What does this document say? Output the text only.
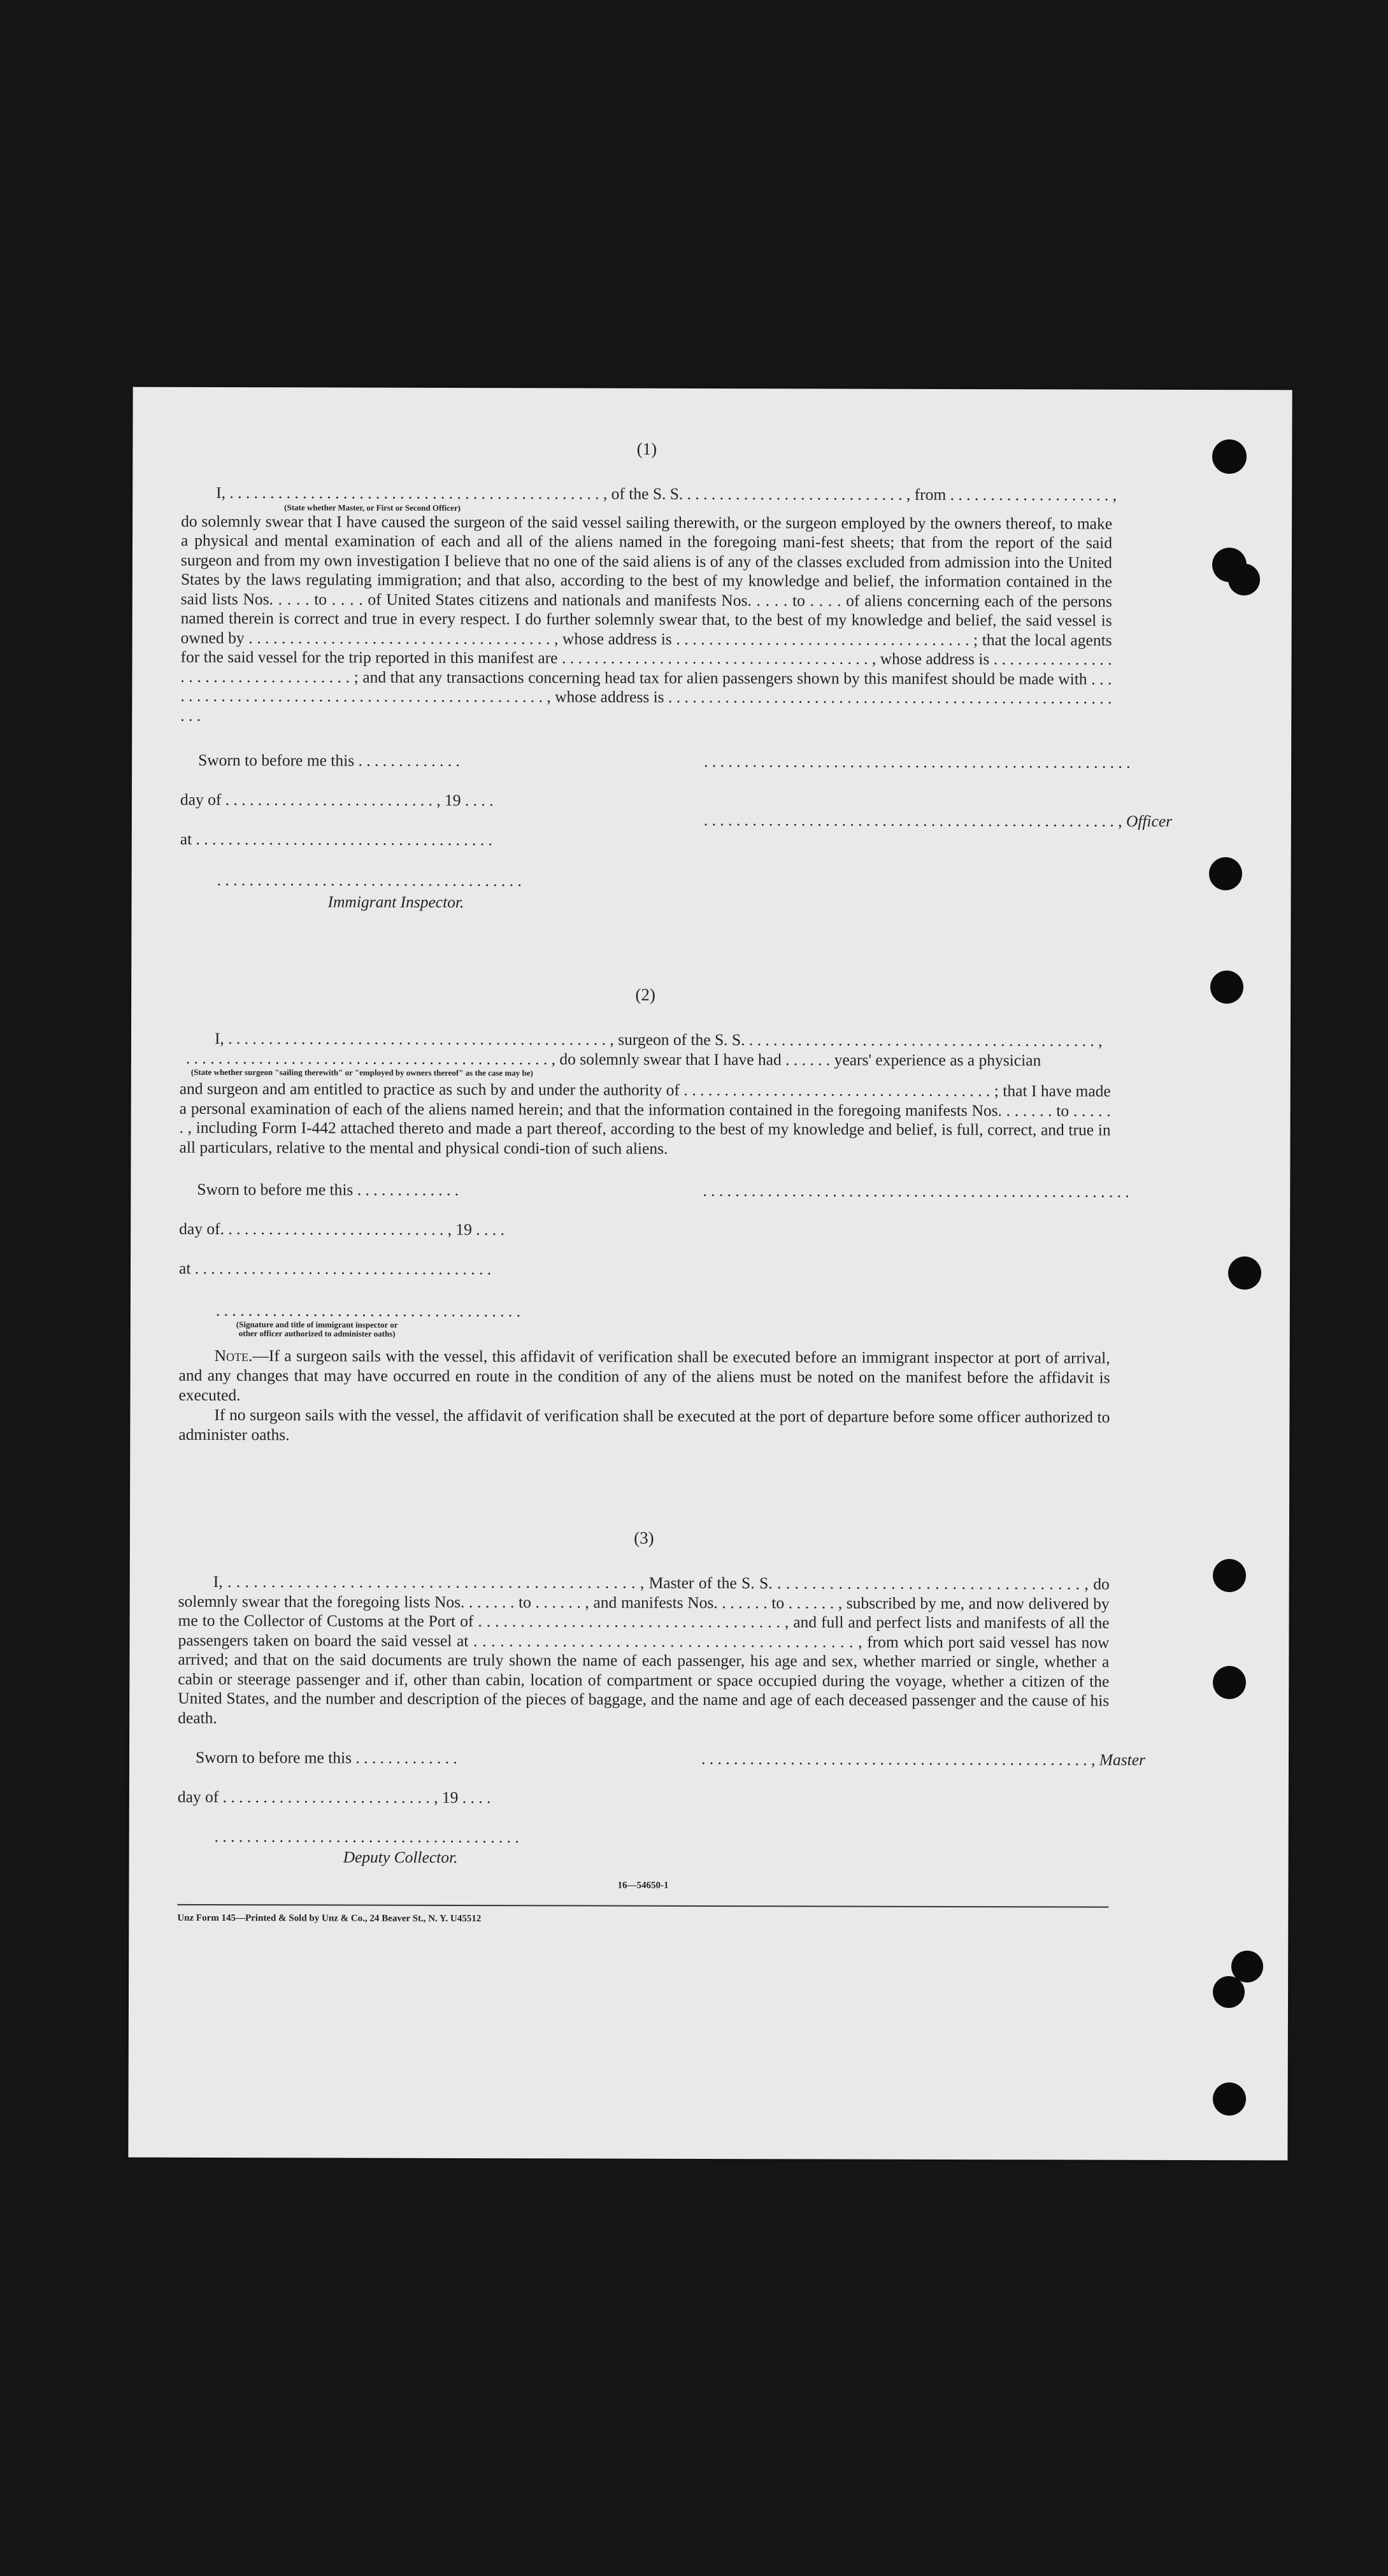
(1)
I, . . . . . . . . . . . . . . . . . . . . . . . . . . . . . . . . . . . . . . . . . . . . . . , of the S. S. . . . . . . . . . . . . . . . . . . . . . . . . . . . , from . . . . . . . . . . . . . . . . . . . . ,
(State whether Master, or First or Second Officer)

do solemnly swear that I have caused the surgeon of the said vessel sailing therewith, or the surgeon employed by the owners thereof, to make a physical and mental examination of each and all of the aliens named in the foregoing mani-fest sheets; that from the report of the said surgeon and from my own investigation I believe that no one of the said aliens is of any of the classes excluded from admission into the United States by the laws regulating immigration; and that also, according to the best of my knowledge and belief, the information contained in the said lists Nos. . . . . to . . . . of United States citizens and nationals and manifests Nos. . . . . to . . . . of aliens concerning each of the persons named therein is correct and true in every respect. I do further solemnly swear that, to the best of my knowledge and belief, the said vessel is owned by . . . . . . . . . . . . . . . . . . . . . . . . . . . . . . . . . . . . . , whose address is . . . . . . . . . . . . . . . . . . . . . . . . . . . . . . . . . . . . ; that the local agents for the said vessel for the trip reported in this manifest are . . . . . . . . . . . . . . . . . . . . . . . . . . . . . . . . . . . . . . , whose address is . . . . . . . . . . . . . . . . . . . . . . . . . . . . . . . . . . . . ; and that any transactions concerning head tax for alien passengers shown by this manifest should be made with . . . . . . . . . . . . . . . . . . . . . . . . . . . . . . . . . . . . . . . . . . . . . . . . , whose address is . . . . . . . . . . . . . . . . . . . . . . . . . . . . . . . . . . . . . . . . . . . . . . . . . . . . . . . . . .

Sworn to before me this . . . . . . . . . . . . .
day of . . . . . . . . . . . . . . . . . . . . . . . . . . , 19 . . . .
at . . . . . . . . . . . . . . . . . . . . . . . . . . . . . . . . . . . . .
. . . . . . . . . . . . . . . . . . . . . . . . . . . . . . . . . . . . . .
Immigrant Inspector.
. . . . . . . . . . . . . . . . . . . . . . . . . . . . . . . . . . . . . . . . . . . . . . . . . . . . .
. . . . . . . . . . . . . . . . . . . . . . . . . . . . . . . . . . . . . . . . . . . . . . . . . . . , Officer
(2)
I, . . . . . . . . . . . . . . . . . . . . . . . . . . . . . . . . . . . . . . . . . . . . . . . , surgeon of the S. S. . . . . . . . . . . . . . . . . . . . . . . . . . . . . . . . . . . . . . . . . . . . ,
. . . . . . . . . . . . . . . . . . . . . . . . . . . . . . . . . . . . . . . . . . . . . , do solemnly swear that I have had . . . . . . years' experience as a physician
(State whether surgeon "sailing therewith" or "employed by owners thereof" as the case may be)
and surgeon and am entitled to practice as such by and under the authority of . . . . . . . . . . . . . . . . . . . . . . . . . . . . . . . . . . . . . . ; that I have made a personal examination of each of the aliens named herein; and that the information contained in the foregoing manifests Nos. . . . . . . to . . . . . . , including Form I-442 attached thereto and made a part thereof, according to the best of my knowledge and belief, is full, correct, and true in all particulars, relative to the mental and physical condi-tion of such aliens.
Sworn to before me this . . . . . . . . . . . . .
day of. . . . . . . . . . . . . . . . . . . . . . . . . . . . , 19 . . . .
at . . . . . . . . . . . . . . . . . . . . . . . . . . . . . . . . . . . . .
. . . . . . . . . . . . . . . . . . . . . . . . . . . . . . . . . . . . . .
(Signature and title of immigrant inspector or
other officer authorized to administer oaths)
. . . . . . . . . . . . . . . . . . . . . . . . . . . . . . . . . . . . . . . . . . . . . . . . . . . . .
Note.—If a surgeon sails with the vessel, this affidavit of verification shall be executed before an immigrant inspector at port of arrival, and any changes that may have occurred en route in the condition of any of the aliens must be noted on the manifest before the affidavit is executed.
If no surgeon sails with the vessel, the affidavit of verification shall be executed at the port of departure before some officer authorized to administer oaths.
(3)
I, . . . . . . . . . . . . . . . . . . . . . . . . . . . . . . . . . . . . . . . . . . . . . . . , Master of the S. S. . . . . . . . . . . . . . . . . . . . . . . . . . . . . . . . . . . . , do solemnly swear that the foregoing lists Nos. . . . . . . to . . . . . . , and manifests Nos. . . . . . . to . . . . . . , subscribed by me, and now delivered by me to the Collector of Customs at the Port of . . . . . . . . . . . . . . . . . . . . . . . . . . . . . . . . . . . . , and full and perfect lists and manifests of all the passengers taken on board the said vessel at . . . . . . . . . . . . . . . . . . . . . . . . . . . . . . . . . . . . . . . . . . . , from which port said vessel has now arrived; and that on the said documents are truly shown the name of each passenger, his age and sex, whether married or single, whether a cabin or steerage passenger and if, other than cabin, location of compartment or space occupied during the voyage, whether a citizen of the United States, and the number and description of the pieces of baggage, and the name and age of each deceased passenger and the cause of his death.
Sworn to before me this . . . . . . . . . . . . .
day of . . . . . . . . . . . . . . . . . . . . . . . . . . , 19 . . . .
. . . . . . . . . . . . . . . . . . . . . . . . . . . . . . . . . . . . . .
Deputy Collector.
. . . . . . . . . . . . . . . . . . . . . . . . . . . . . . . . . . . . . . . . . . . . . . . . , Master
16—54650-1
Unz Form 145—Printed & Sold by Unz & Co., 24 Beaver St., N. Y. U45512
